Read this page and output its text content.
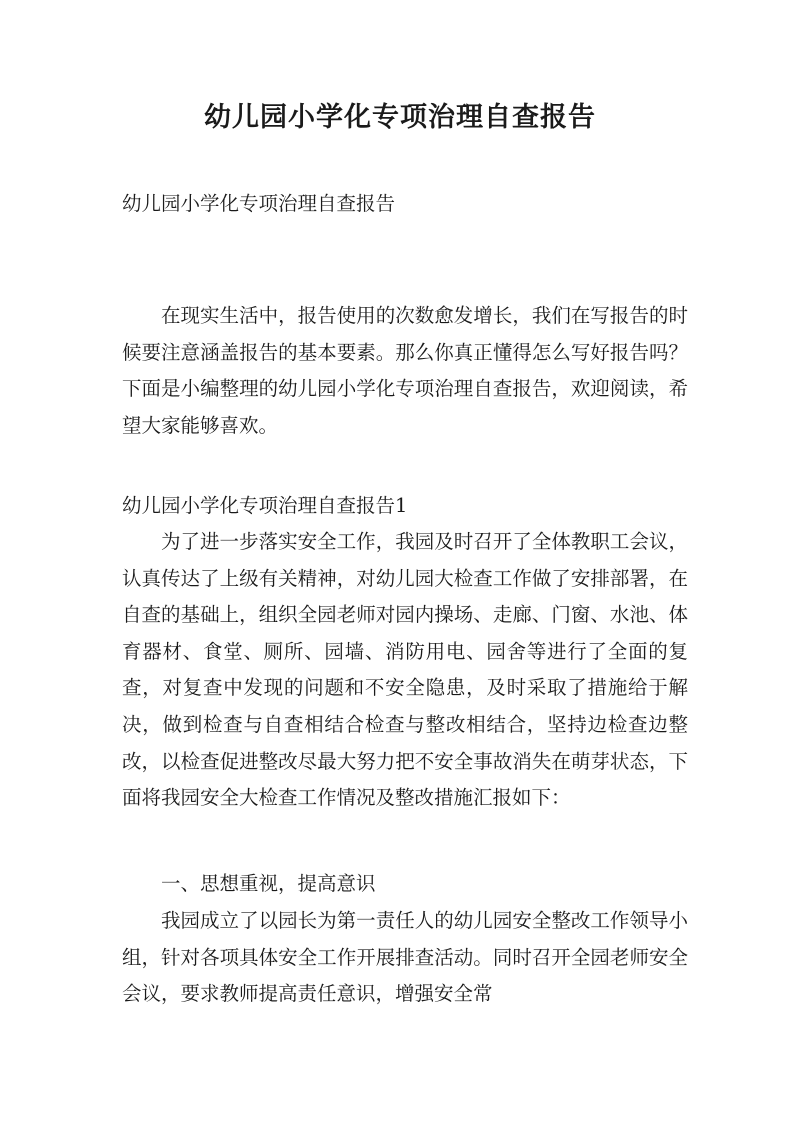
幼儿园小学化专项治理自查报告

幼儿园小学化专项治理自查报告

在现实生活中，报告使用的次数愈发增长，我们在写报告的时候要注意涵盖报告的基本要素。那么你真正懂得怎么写好报告吗？下面是小编整理的幼儿园小学化专项治理自查报告，欢迎阅读，希望大家能够喜欢。

幼儿园小学化专项治理自查报告1

为了进一步落实安全工作，我园及时召开了全体教职工会议，认真传达了上级有关精神，对幼儿园大检查工作做了安排部署，在自查的基础上，组织全园老师对园内操场、走廊、门窗、水池、体育器材、食堂、厕所、园墙、消防用电、园舍等进行了全面的复查，对复查中发现的问题和不安全隐患，及时采取了措施给于解决，做到检查与自查相结合检查与整改相结合，坚持边检查边整改，以检查促进整改尽最大努力把不安全事故消失在萌芽状态，下面将我园安全大检查工作情况及整改措施汇报如下：

一、思想重视，提高意识

我园成立了以园长为第一责任人的幼儿园安全整改工作领导小组，针对各项具体安全工作开展排查活动。同时召开全园老师安全会议，要求教师提高责任意识，增强安全常
